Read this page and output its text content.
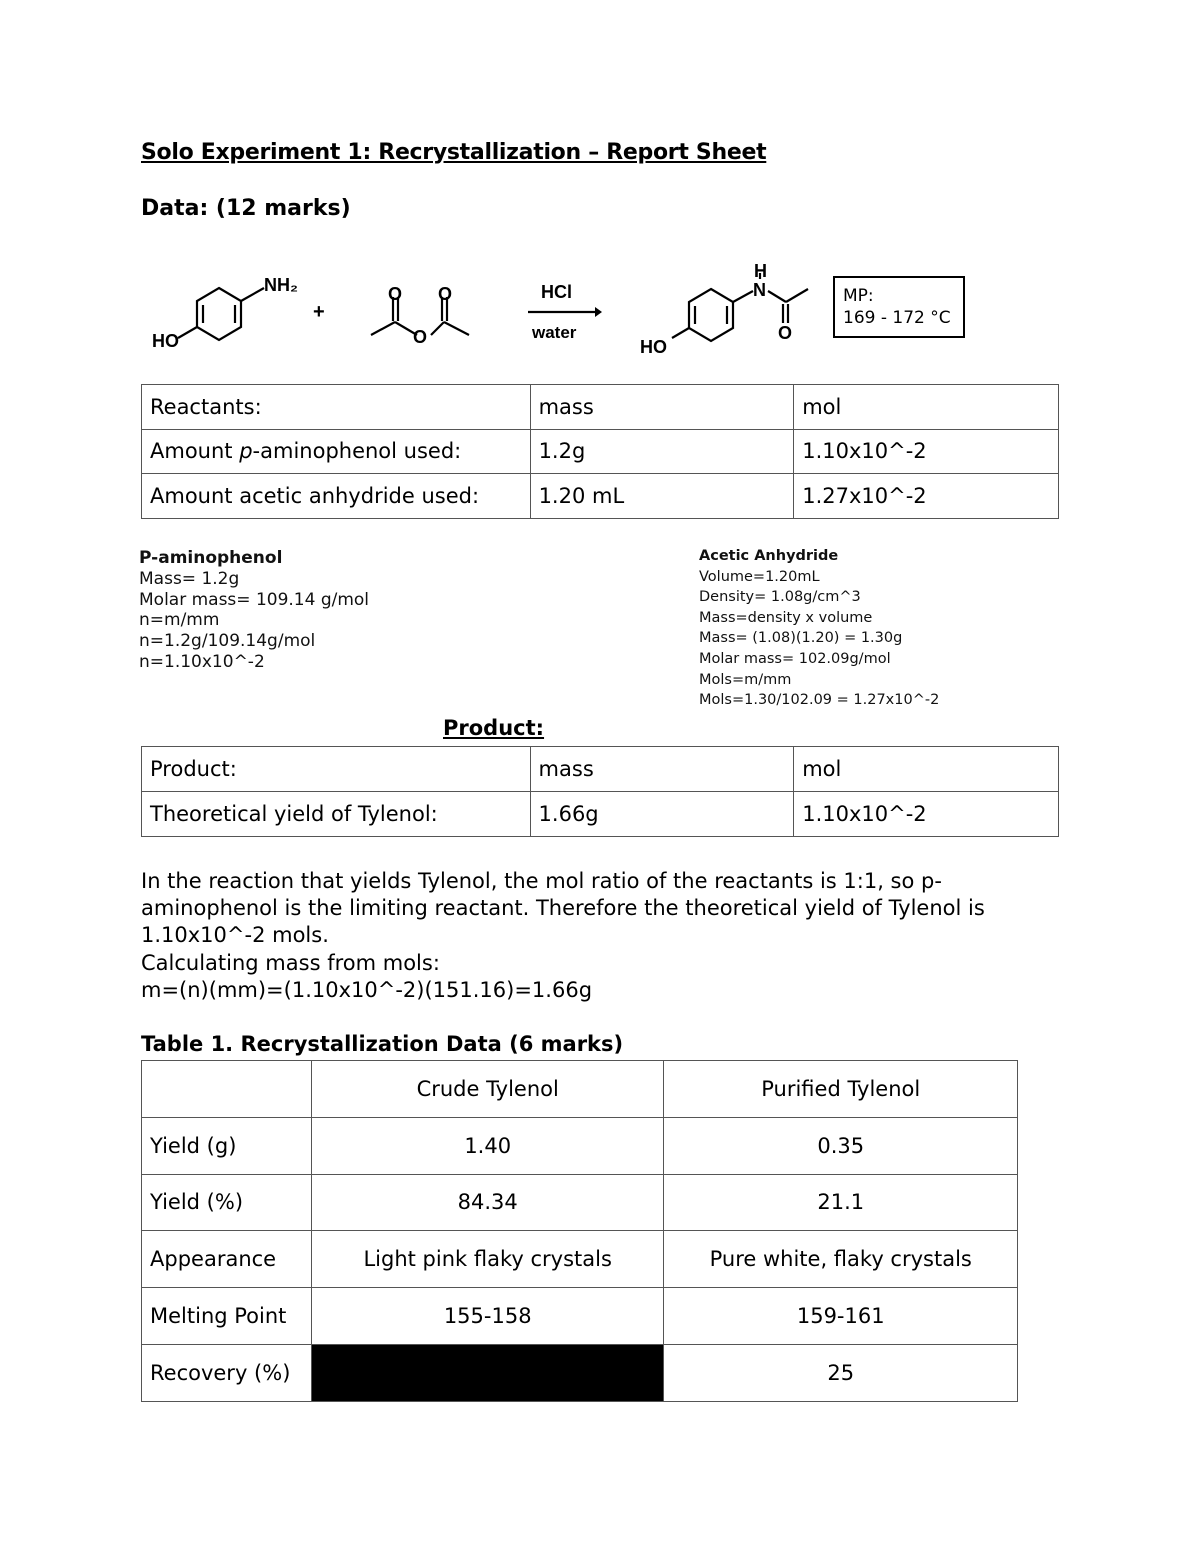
Solo Experiment 1: Recrystallization – Report Sheet
Data: (12 marks)
NH₂
HO
+
O O
O
HCl
water
H
N
O
HO
MP:
169 - 172 °C
Reactants:	mass	mol
Amount p-aminophenol used:	1.2g	1.10x10^-2
Amount acetic anhydride used:	1.20 mL	1.27x10^-2
P-aminophenol
Mass= 1.2g
Molar mass= 109.14 g/mol
n=m/mm
n=1.2g/109.14g/mol
n=1.10x10^-2
Acetic Anhydride
Volume=1.20mL
Density= 1.08g/cm^3
Mass=density x volume
Mass= (1.08)(1.20) = 1.30g
Molar mass= 102.09g/mol
Mols=m/mm
Mols=1.30/102.09 = 1.27x10^-2
Product:
Product:	mass	mol
Theoretical yield of Tylenol:	1.66g	1.10x10^-2
In the reaction that yields Tylenol, the mol ratio of the reactants is 1:1, so p-
aminophenol is the limiting reactant. Therefore the theoretical yield of Tylenol is
1.10x10^-2 mols.
Calculating mass from mols:
m=(n)(mm)=(1.10x10^-2)(151.16)=1.66g
Table 1. Recrystallization Data (6 marks)
	Crude Tylenol	Purified Tylenol
Yield (g)	1.40	0.35
Yield (%)	84.34	21.1
Appearance	Light pink flaky crystals	Pure white, flaky crystals
Melting Point	155-158	159-161
Recovery (%)		25
